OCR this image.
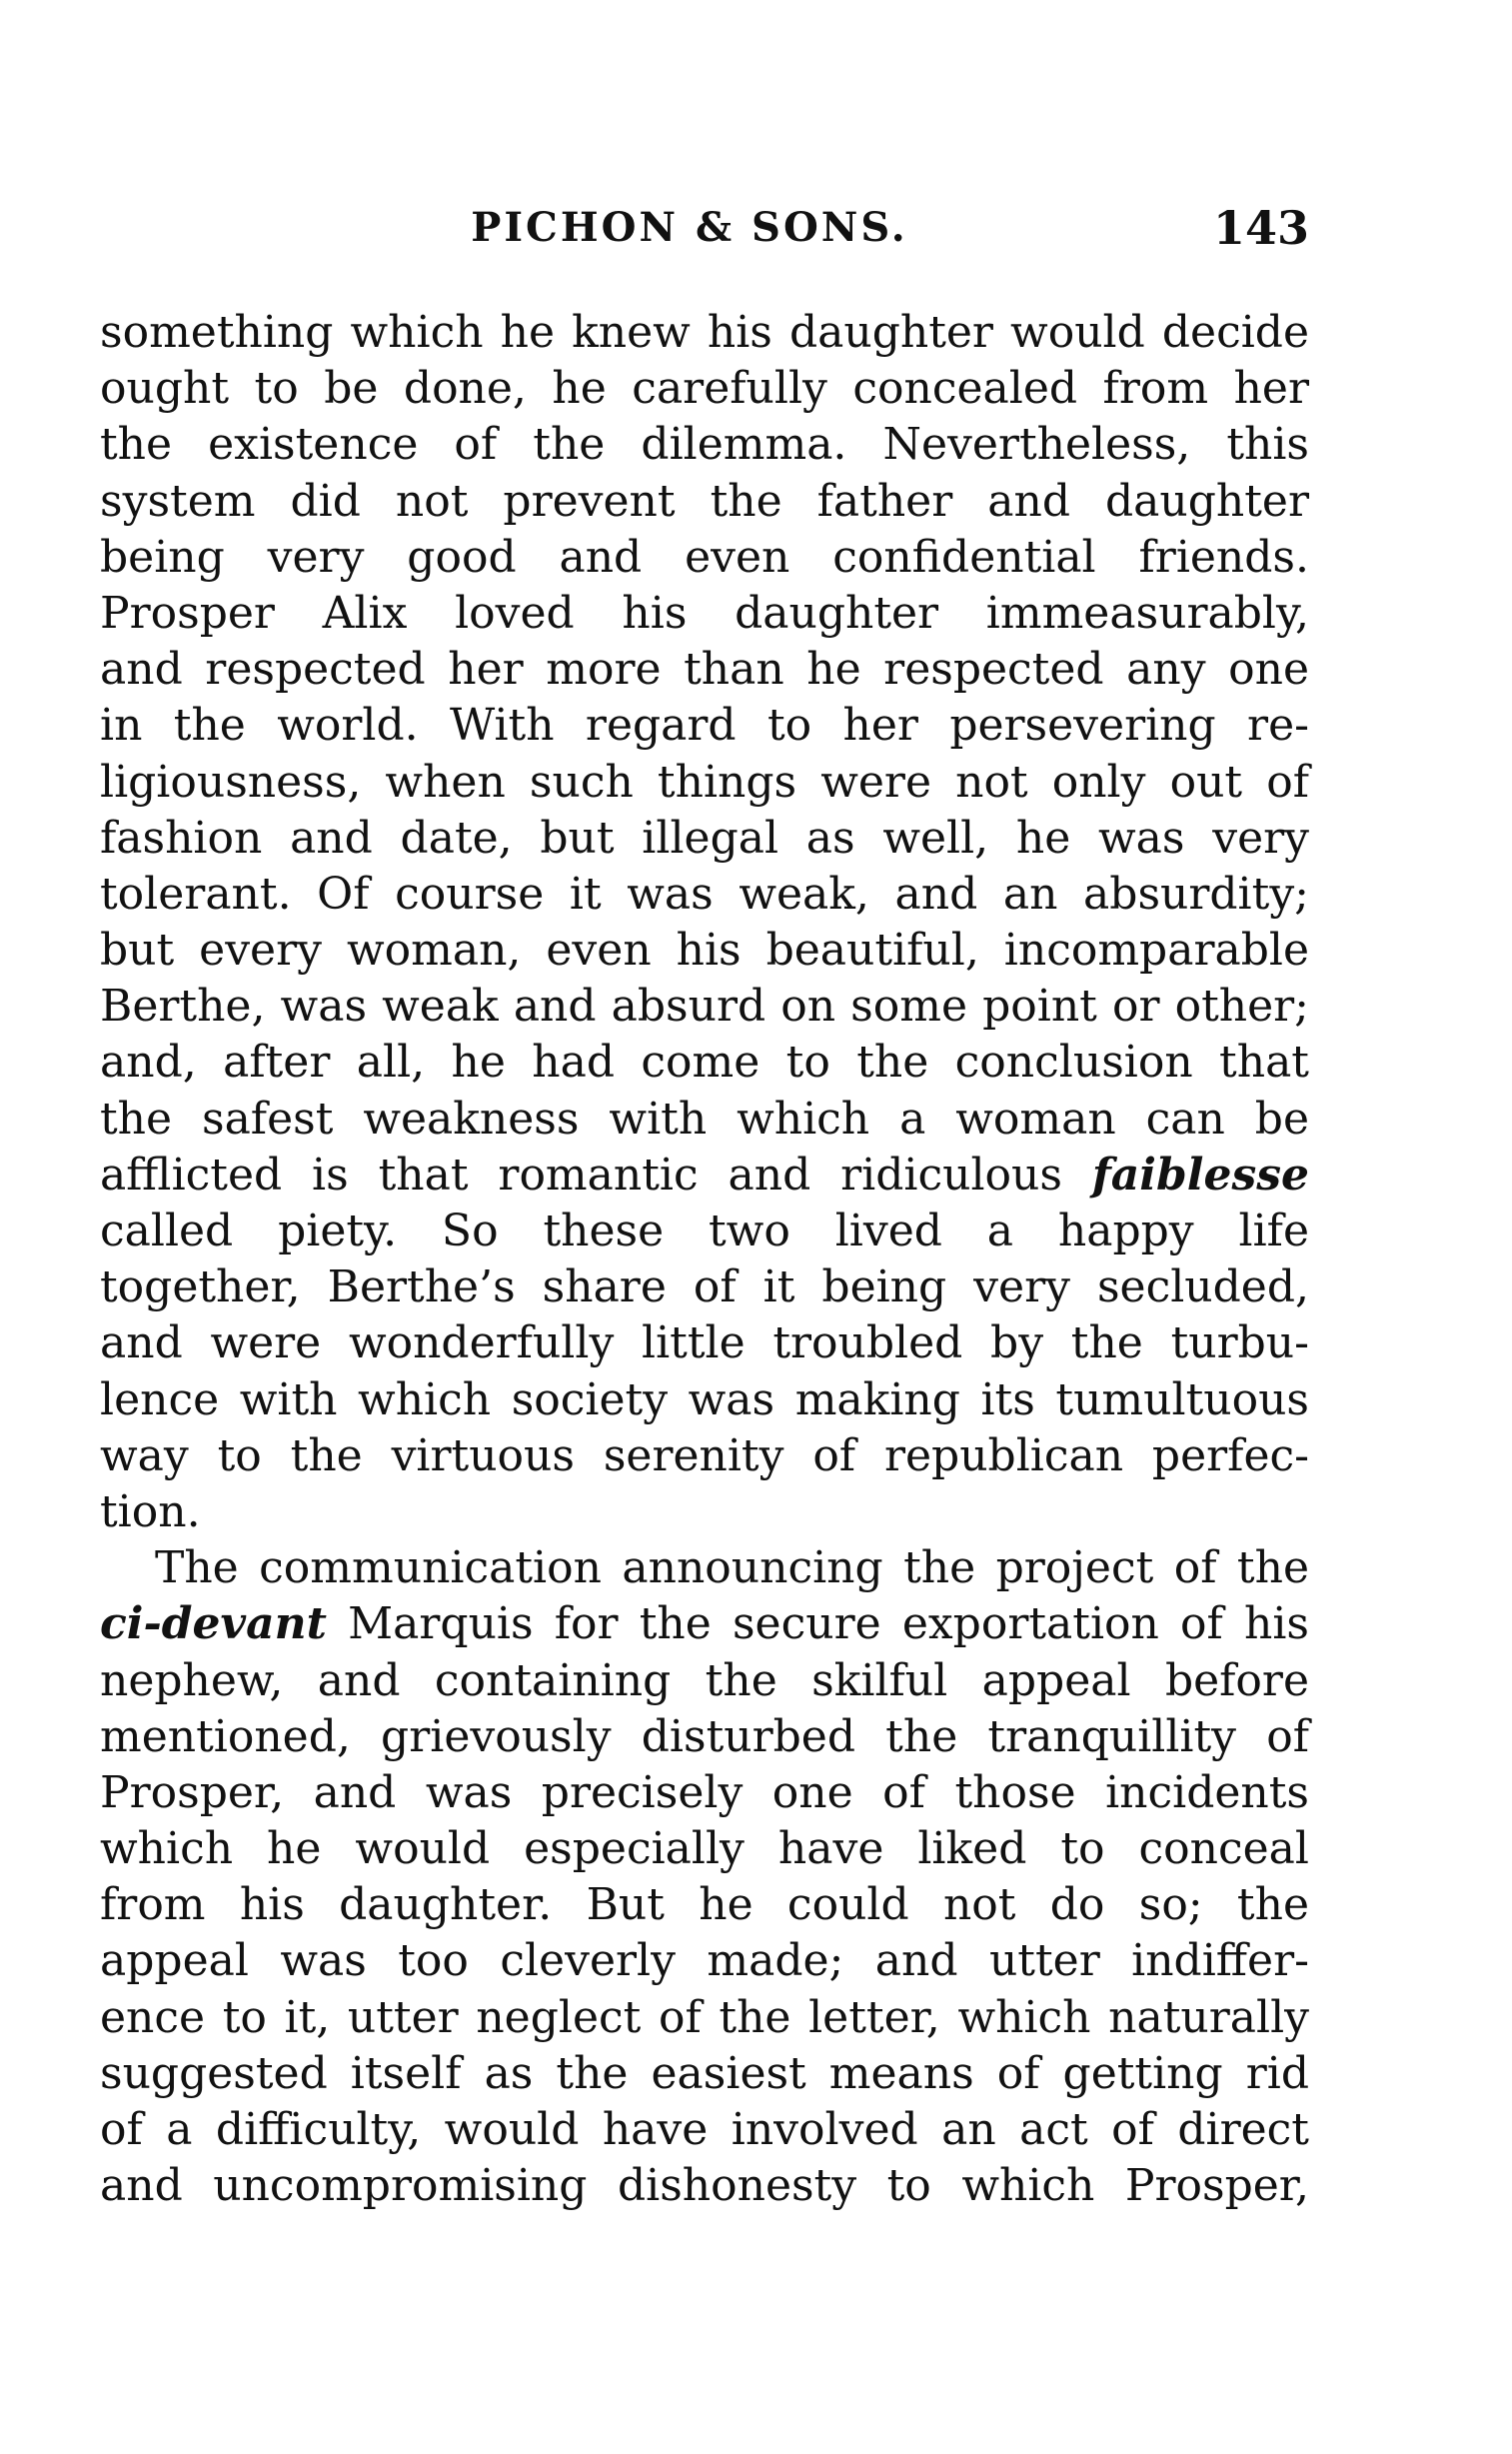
PICHON & SONS.	143
something which he knew his daughter would decide
ought to be done, he carefully concealed from her
the existence of the dilemma. Nevertheless, this
system did not prevent the father and daughter
being very good and even confidential friends.
Prosper Alix loved his daughter immeasurably,
and respected her more than he respected any one
in the world. With regard to her persevering re-
ligiousness, when such things were not only out of
fashion and date, but illegal as well, he was very
tolerant. Of course it was weak, and an absurdity;
but every woman, even his beautiful, incomparable
Berthe, was weak and absurd on some point or other;
and, after all, he had come to the conclusion that
the safest weakness with which a woman can be
afflicted is that romantic and ridiculous faiblesse
called piety. So these two lived a happy life
together, Berthe’s share of it being very secluded,
and were wonderfully little troubled by the turbu-
lence with which society was making its tumultuous
way to the virtuous serenity of republican perfec-
tion.
The communication announcing the project of the
ci-devant Marquis for the secure exportation of his
nephew, and containing the skilful appeal before
mentioned, grievously disturbed the tranquillity of
Prosper, and was precisely one of those incidents
which he would especially have liked to conceal
from his daughter. But he could not do so; the
appeal was too cleverly made; and utter indiffer-
ence to it, utter neglect of the letter, which naturally
suggested itself as the easiest means of getting rid
of a difficulty, would have involved an act of direct
and uncompromising dishonesty to which Prosper,
